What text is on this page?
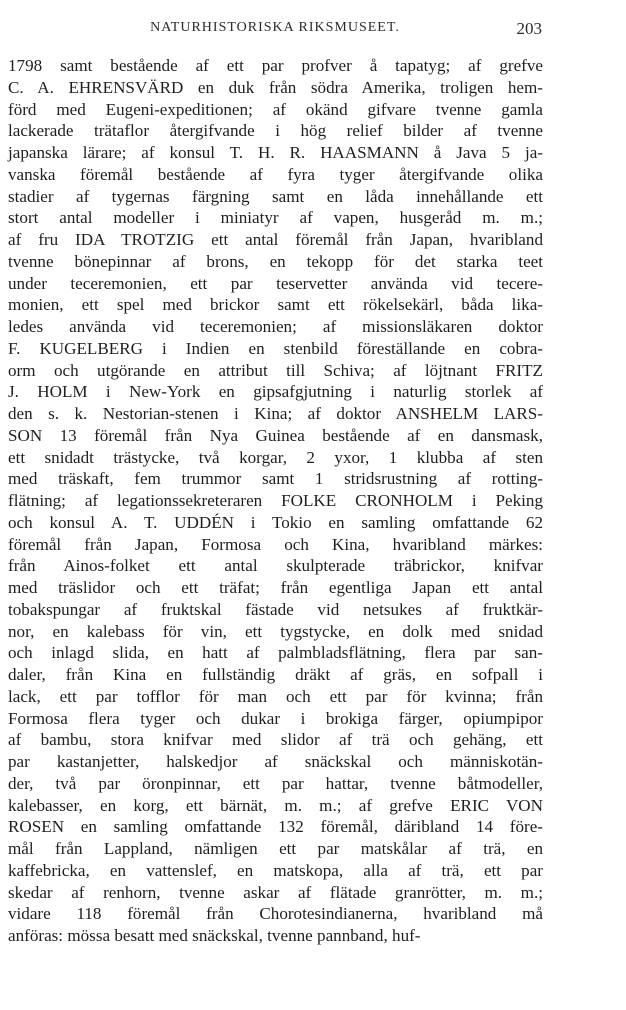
NATURHISTORISKA RIKSMUSEET.	203
1798 samt bestående af ett par profver å tapatyg; af grefve
C. A. EHRENSVÄRD en duk från södra Amerika, troligen hem-
förd med Eugeni-expeditionen; af okänd gifvare tvenne gamla
lackerade trätaflor återgifvande i hög relief bilder af tvenne
japanska lärare; af konsul T. H. R. HAASMANN å Java 5 ja-
vanska föremål bestående af fyra tyger återgifvande olika
stadier af tygernas färgning samt en låda innehållande ett
stort antal modeller i miniatyr af vapen, husgeråd m. m.;
af fru IDA TROTZIG ett antal föremål från Japan, hvaribland
tvenne bönepinnar af brons, en tekopp för det starka teet
under teceremonien, ett par teservetter använda vid tecere-
monien, ett spel med brickor samt ett rökelsekärl, båda lika-
ledes använda vid teceremonien; af missionsläkaren doktor
F. KUGELBERG i Indien en stenbild föreställande en cobra-
orm och utgörande en attribut till Schiva; af löjtnant FRITZ
J. HOLM i New-York en gipsafgjutning i naturlig storlek af
den s. k. Nestorian-stenen i Kina; af doktor ANSHELM LARS-
SON 13 föremål från Nya Guinea bestående af en dansmask,
ett snidadt trästycke, två korgar, 2 yxor, 1 klubba af sten
med träskaft, fem trummor samt 1 stridsrustning af rotting-
flätning; af legationssekreteraren FOLKE CRONHOLM i Peking
och konsul A. T. UDDÉN i Tokio en samling omfattande 62
föremål från Japan, Formosa och Kina, hvaribland märkes:
från Ainos-folket ett antal skulpterade träbrickor, knifvar
med träslidor och ett träfat; från egentliga Japan ett antal
tobakspungar af fruktskal fästade vid netsukes af fruktkär-
nor, en kalebass för vin, ett tygstycke, en dolk med snidad
och inlagd slida, en hatt af palmbladsflätning, flera par san-
daler, från Kina en fullständig dräkt af gräs, en sofpall i
lack, ett par tofflor för man och ett par för kvinna; från
Formosa flera tyger och dukar i brokiga färger, opiumpipor
af bambu, stora knifvar med slidor af trä och gehäng, ett
par kastanjetter, halskedjor af snäckskal och människotän-
der, två par öronpinnar, ett par hattar, tvenne båtmodeller,
kalebasser, en korg, ett bärnät, m. m.; af grefve ERIC VON
ROSEN en samling omfattande 132 föremål, däribland 14 före-
mål från Lappland, nämligen ett par matskålar af trä, en
kaffebricka, en vattenslef, en matskopa, alla af trä, ett par
skedar af renhorn, tvenne askar af flätade granrötter, m. m.;
vidare 118 föremål från Chorotesindianerna, hvaribland må
anföras: mössa besatt med snäckskal, tvenne pannband, huf-
